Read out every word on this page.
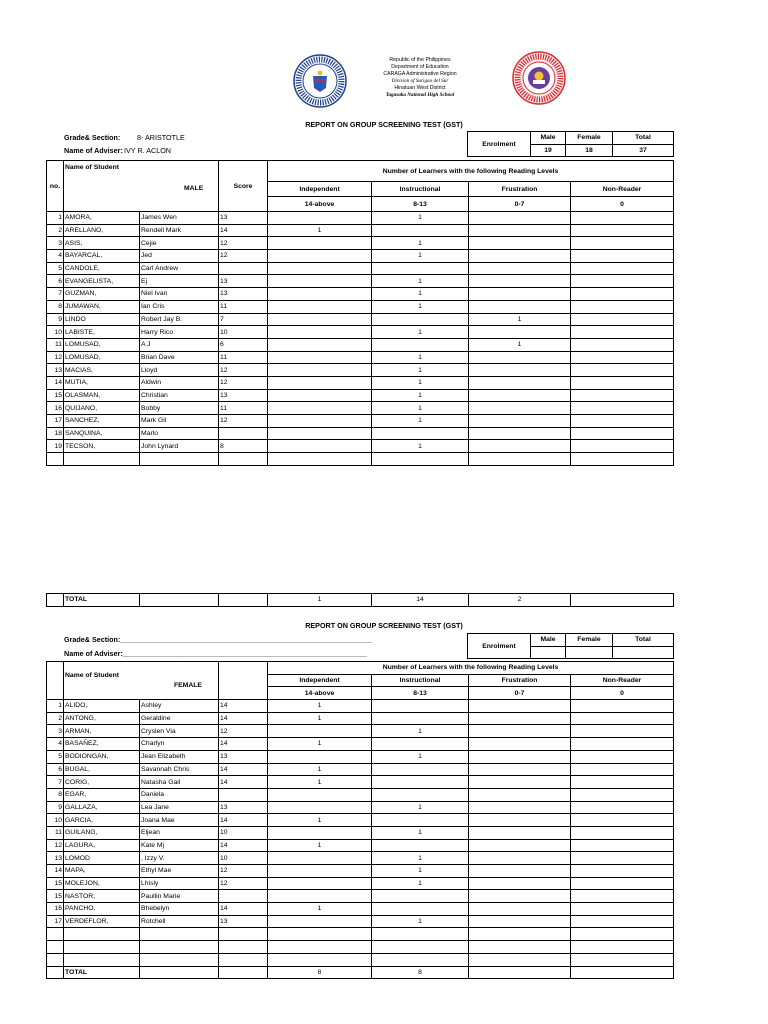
Republic of the Philippines
Department of Education
CARAGA Administrative Region
Division of Surigao del Sur
Hinatuan West District
Tagasaka National High School
REPORT ON GROUP SCREENING TEST (GST)
Grade& Section: 8- ARISTOTLE
Name of Adviser: IVY R. ACLON
Enrolment	Male	Female	Total
	19	18	37
no.	Name of Student
MALE		Score	Number of Learners with the following Reading Levels			
				Independent	Instructional	Frustration	Non-Reader
				14-above	8-13	0-7	0
1	AMORA,	James Wen	13		1		
2	ARELLANO,	Rendell Mark	14	1			
3	ASIS,	Cejie	12		1		
4	BAYARCAL,	Jed	12		1		
5	CANDOLE,	Carl Andrew					
6	EVANGELISTA,	Ej	13		1		
7	GUZMAN,	Niel Ivan	13		1		
8	JUMAWAN,	Ian Cris	11		1		
9	LINDO	Robert Jay B.	7			1	
10	LABISTE,	Harry Rico	10		1		
11	LOMUSAD,	A J	6			1	
12	LOMUSAD,	Brian Dave	11		1		
13	MACIAS,	Lloyd	12		1		
14	MUTIA,	Aldwin	12		1		
15	OLASMAN,	Christian	13		1		
16	QUIJANO,	Bobby	11		1		
17	SANCHEZ,	Mark Gil	12		1		
18	SANQUINA,	Marlo					
19	TECSON,	John Lynard	8		1		

	TOTAL			1	14	2	
REPORT ON GROUP SCREENING TEST (GST)
Grade& Section:_______________________________________________________________
Name of Adviser:_____________________________________________________________
Enrolment	Male	Female	Total

	Name of Student
FEMALE			Number of Learners with the following Reading Levels			
				Independent	Instructional	Frustration	Non-Reader
				14-above	8-13	0-7	0
1	ALIDO,	Ashley	14	1			
2	ANTONG,	Geraldine	14	1			
3	ARMAN,	Cryslen Via	12		1		
4	BASAÑEZ,	Charlyn	14	1			
5	BODIONGAN,	Jean Elizabeth	13		1		
6	BUGAL,	Savannah Chris	14	1			
7	CORIG,	Natasha Gail	14	1			
8	EGAR,	Daniela					
9	GALLAZA,	Lea Jane	13		1		
10	GARCIA,	Joana Mae	14	1			
11	GUILANG,	Eljean	10		1		
12	LAGURA,	Kate Mj	14	1			
13	LOMOD	, Izzy V.	10		1		
14	MAPA,	Ethyl Mae	12		1		
15	MOLEJON,	Lhisly	12		1		
15	NASTOR,	Paullin Marie					
16	PANCHO,	Bhebelyn	14	1			
17	VERDEFLOR,	Rotchell	13		1		

	TOTAL			8	8		
